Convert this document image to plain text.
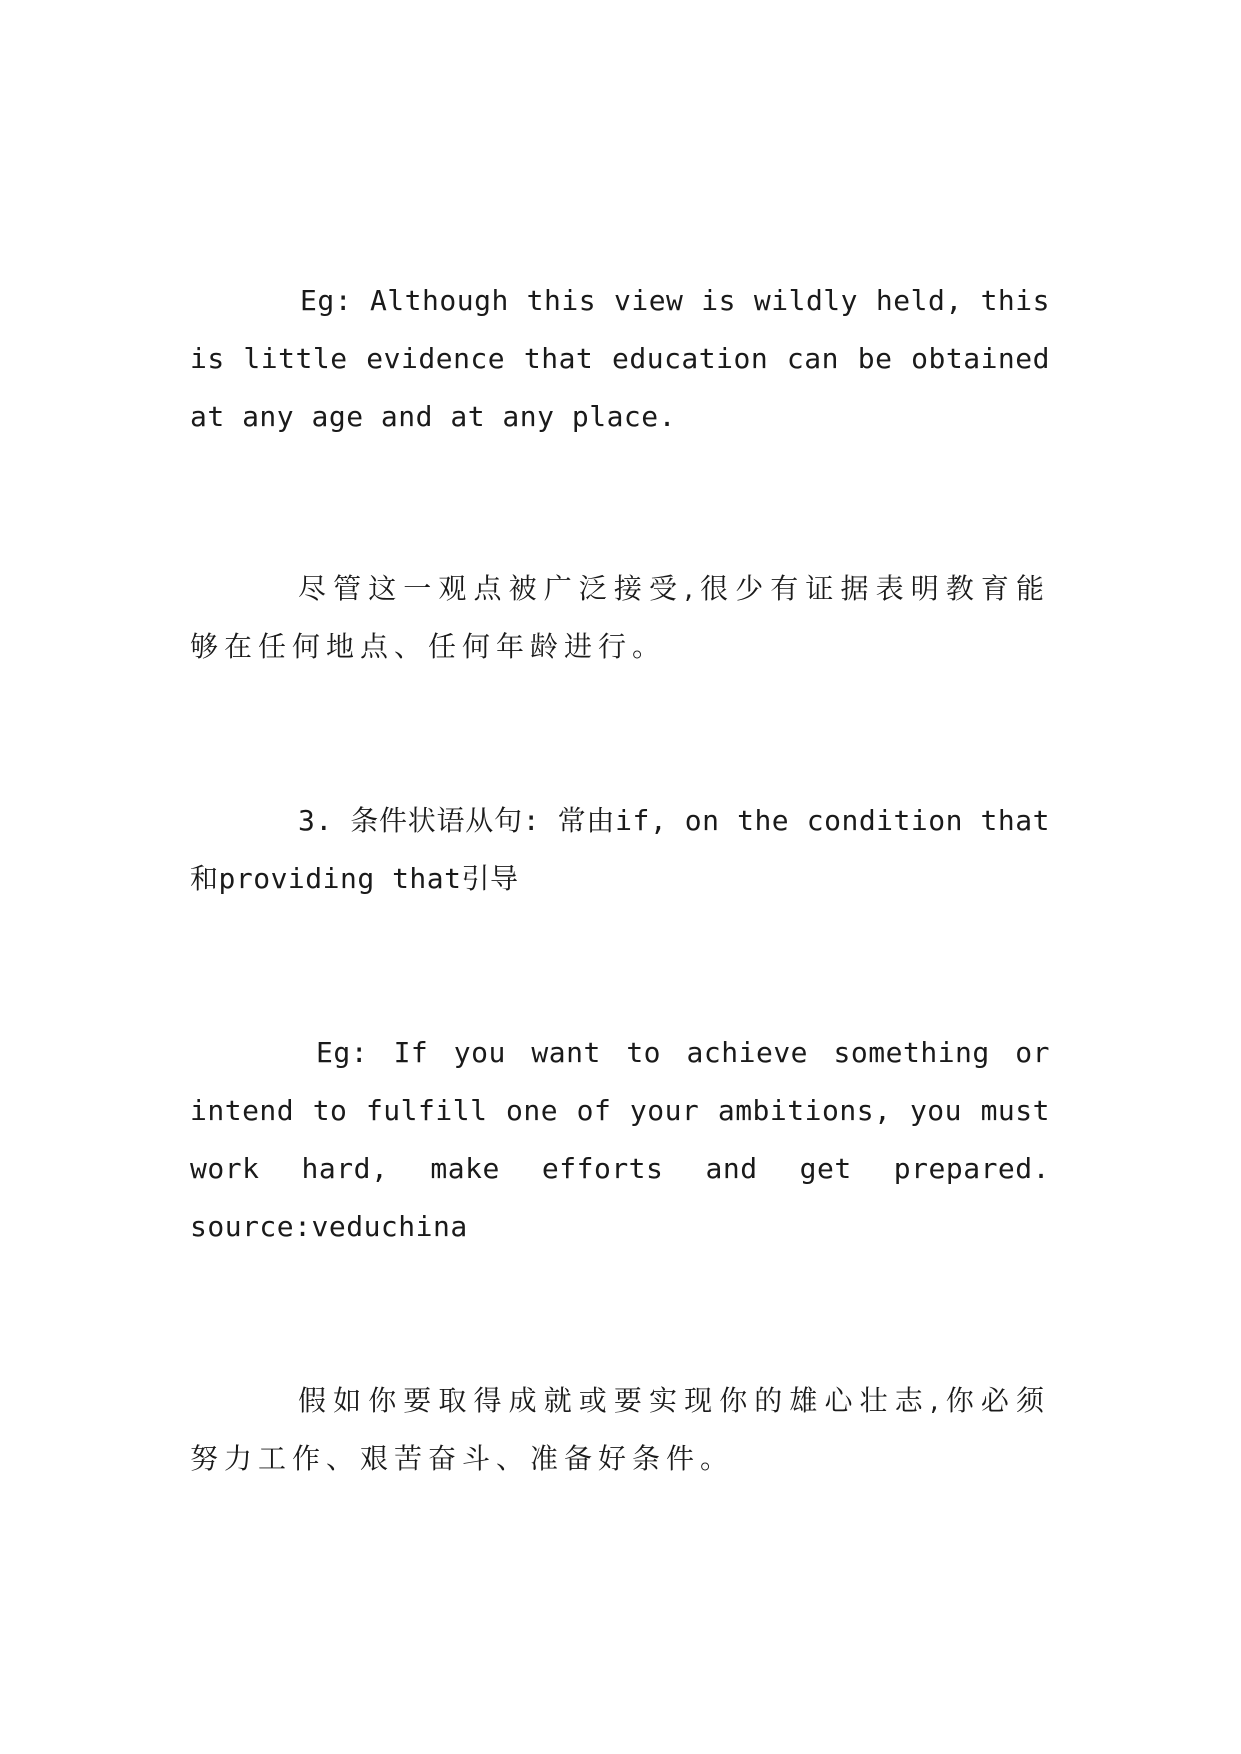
Eg: Although this view is wildly held, this is little evidence that education can be obtained at any age and at any place.
尽管这一观点被广泛接受,很少有证据表明教育能够在任何地点、任何年龄进行。
3. 条件状语从句: 常由if, on the condition that
和providing that引导
Eg: If you want to achieve something or intend to fulfill one of your ambitions, you must work hard, make efforts and get prepared.
source:veduchina
假如你要取得成就或要实现你的雄心壮志,你必须努力工作、艰苦奋斗、准备好条件。
